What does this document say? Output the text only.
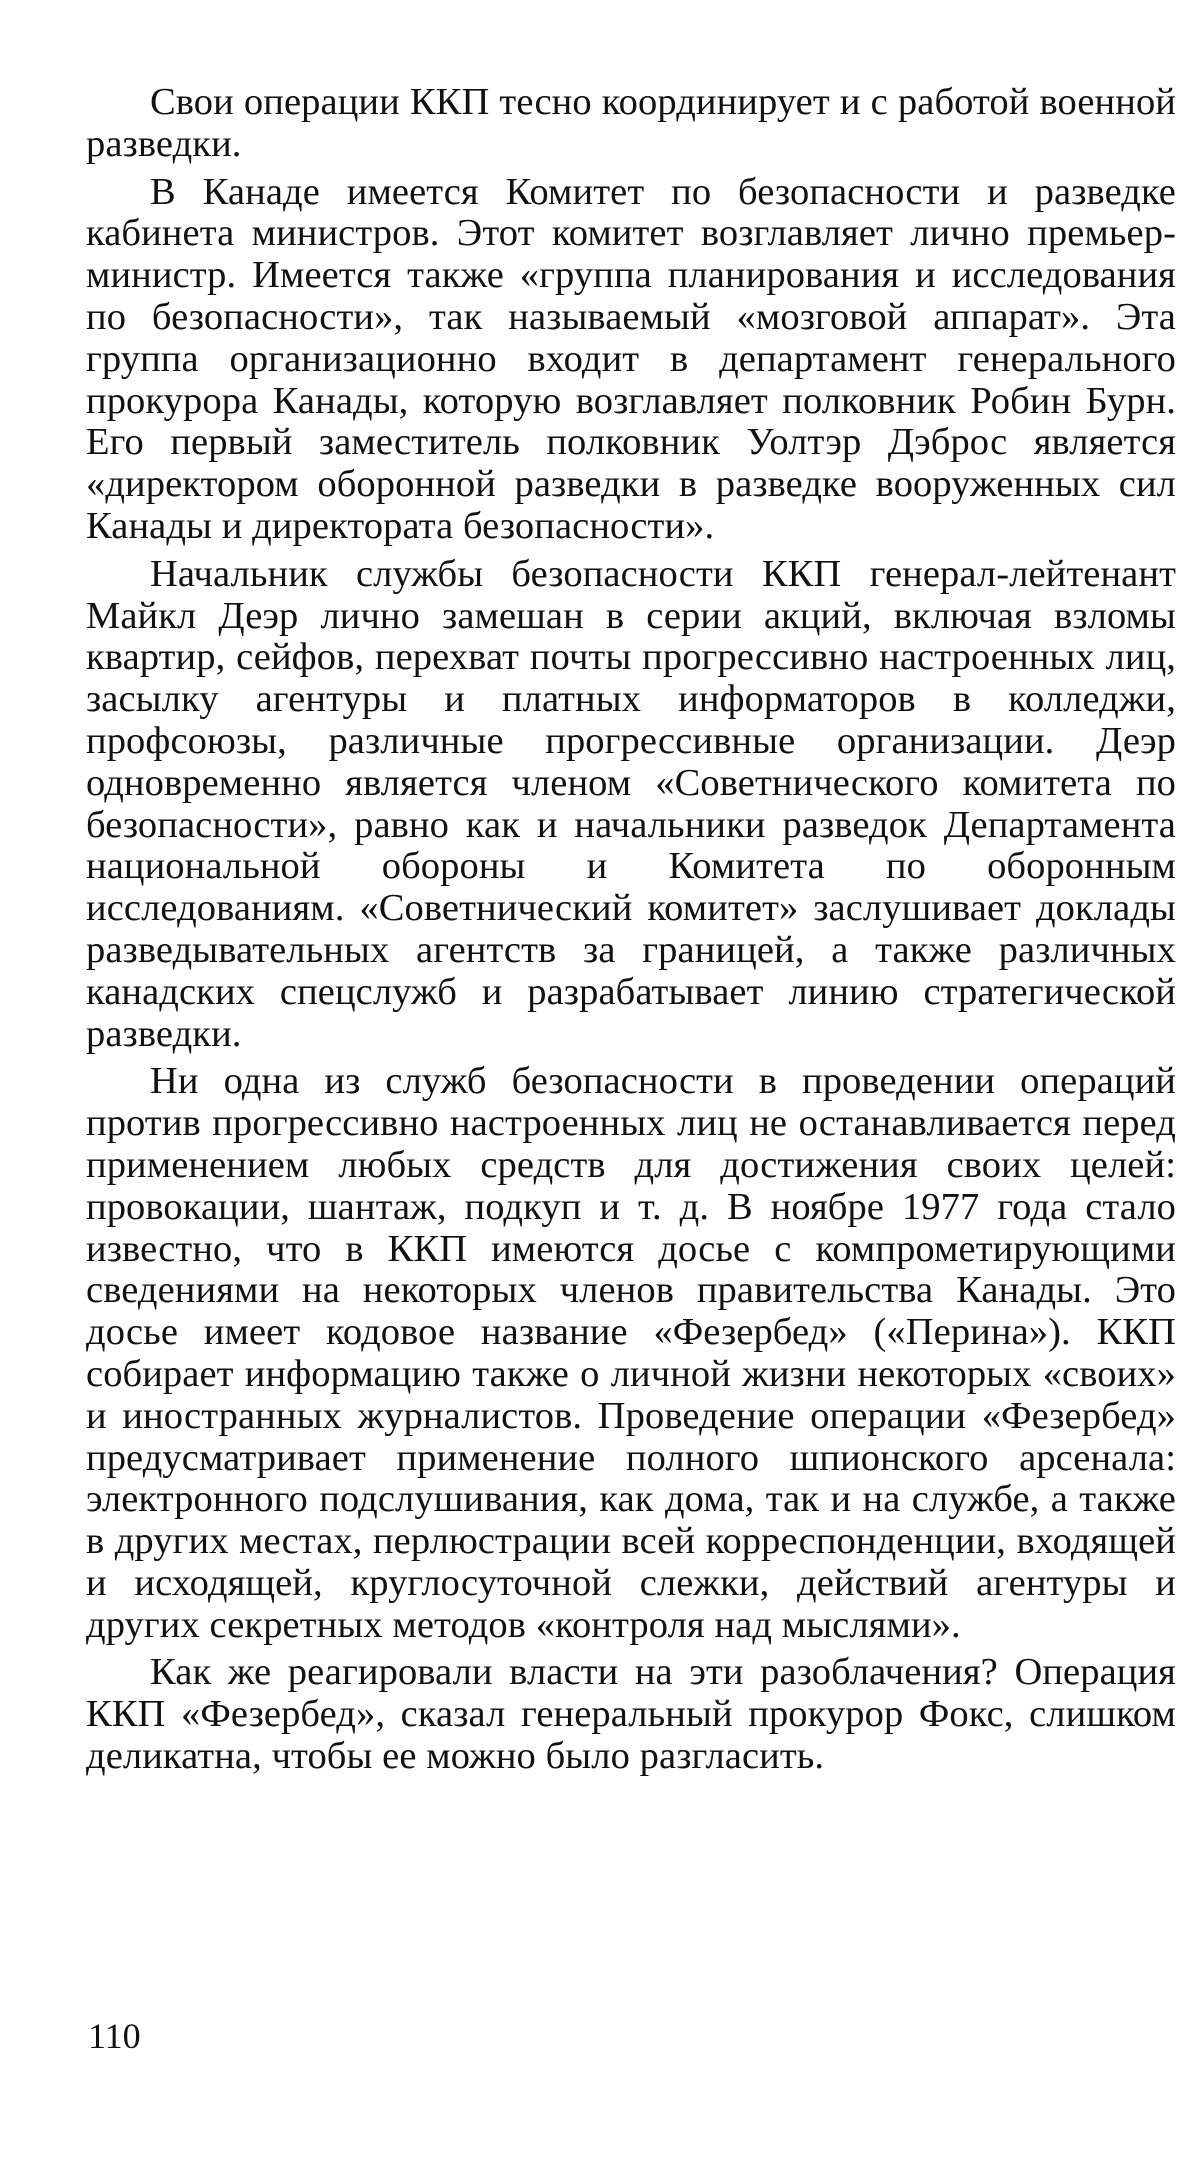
Свои операции ККП тесно координирует и с работой военной разведки.

В Канаде имеется Комитет по безопасности и разведке кабинета министров. Этот комитет возглавляет лично премьер-министр. Имеется также «группа планирования и исследования по безопасности», так называемый «мозговой аппарат». Эта группа организационно входит в департамент генерального прокурора Канады, которую возглавляет полковник Робин Бурн. Его первый заместитель полковник Уолтэр Дэброс является «директором оборонной разведки в разведке вооруженных сил Канады и директората безопасности».

Начальник службы безопасности ККП генерал-лейтенант Майкл Деэр лично замешан в серии акций, включая взломы квартир, сейфов, перехват почты прогрессивно настроенных лиц, засылку агентуры и платных информаторов в колледжи, профсоюзы, различные прогрессивные организации. Деэр одновременно является членом «Советнического комитета по безопасности», равно как и начальники разведок Департамента национальной обороны и Комитета по оборонным исследованиям. «Советнический комитет» заслушивает доклады разведывательных агентств за границей, а также различных канадских спецслужб и разрабатывает линию стратегической разведки.

Ни одна из служб безопасности в проведении операций против прогрессивно настроенных лиц не останавливается перед применением любых средств для достижения своих целей: провокации, шантаж, подкуп и т. д. В ноябре 1977 года стало известно, что в ККП имеются досье с компрометирующими сведениями на некоторых членов правительства Канады. Это досье имеет кодовое название «Фезербед» («Перина»). ККП собирает информацию также о личной жизни некоторых «своих» и иностранных журналистов. Проведение операции «Фезербед» предусматривает применение полного шпионского арсенала: электронного подслушивания, как дома, так и на службе, а также в других местах, перлюстрации всей корреспонденции, входящей и исходящей, круглосуточной слежки, действий агентуры и других секретных методов «контроля над мыслями».

Как же реагировали власти на эти разоблачения? Операция ККП «Фезербед», сказал генеральный прокурор Фокс, слишком деликатна, чтобы ее можно было разгласить.

110
